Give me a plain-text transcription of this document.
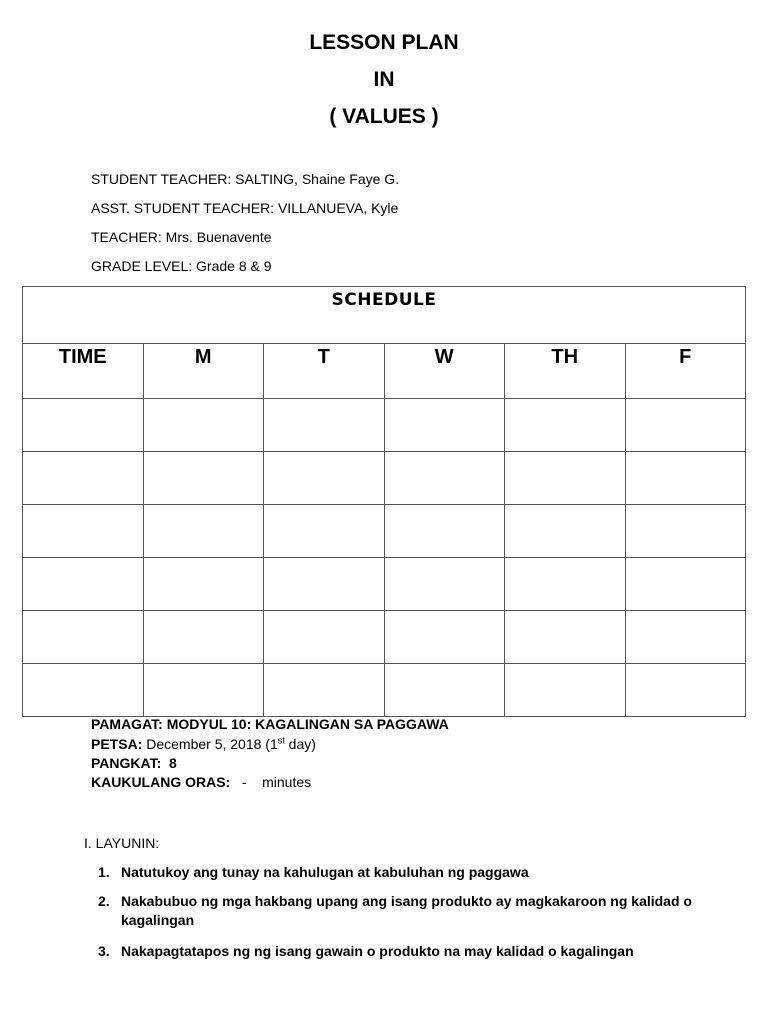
LESSON PLAN
IN
( VALUES )
STUDENT TEACHER: SALTING, Shaine Faye G.
ASST. STUDENT TEACHER: VILLANUEVA, Kyle
TEACHER: Mrs. Buenavente
GRADE LEVEL: Grade 8 & 9
SCHEDULE					
TIME	M	T	W	TH	F

PAMAGAT: MODYUL 10: KAGALINGAN SA PAGGAWA
PETSA: December 5, 2018 (1st day)
PANGKAT:  8
KAUKULANG ORAS:   -    minutes
I. LAYUNIN:
1. Natutukoy ang tunay na kahulugan at kabuluhan ng paggawa
2. Nakabubuo ng mga hakbang upang ang isang produkto ay magkakaroon ng kalidad o kagalingan
3. Nakapagtatapos ng ng isang gawain o produkto na may kalidad o kagalingan
